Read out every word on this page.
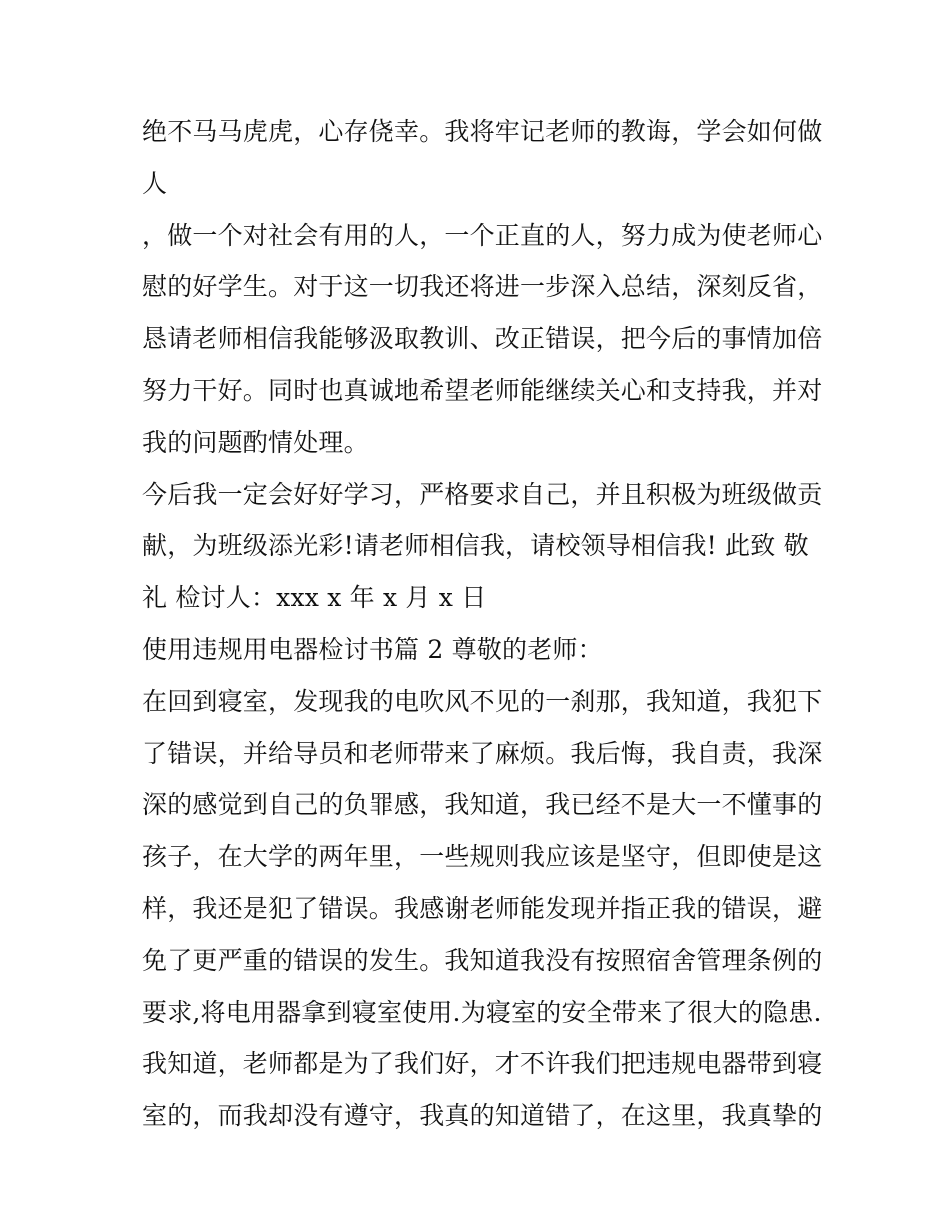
绝不马马虎虎，心存侥幸。我将牢记老师的教诲，学会如何做
人
，做一个对社会有用的人，一个正直的人，努力成为使老师心
慰的好学生。对于这一切我还将进一步深入总结，深刻反省，
恳请老师相信我能够汲取教训、改正错误，把今后的事情加倍
努力干好。同时也真诚地希望老师能继续关心和支持我，并对
我的问题酌情处理。
今后我一定会好好学习，严格要求自己，并且积极为班级做贡
献，为班级添光彩!请老师相信我，请校领导相信我! 此致 敬
礼 检讨人：xxx x 年 x 月 x 日
使用违规用电器检讨书篇 2 尊敬的老师：
在回到寝室，发现我的电吹风不见的一刹那，我知道，我犯下
了错误，并给导员和老师带来了麻烦。我后悔，我自责，我深
深的感觉到自己的负罪感，我知道，我已经不是大一不懂事的
孩子，在大学的两年里，一些规则我应该是坚守，但即使是这
样，我还是犯了错误。我感谢老师能发现并指正我的错误，避
免了更严重的错误的发生。我知道我没有按照宿舍管理条例的
要求,将电用器拿到寝室使用.为寝室的安全带来了很大的隐患.
我知道，老师都是为了我们好，才不许我们把违规电器带到寝
室的，而我却没有遵守，我真的知道错了，在这里，我真挚的
